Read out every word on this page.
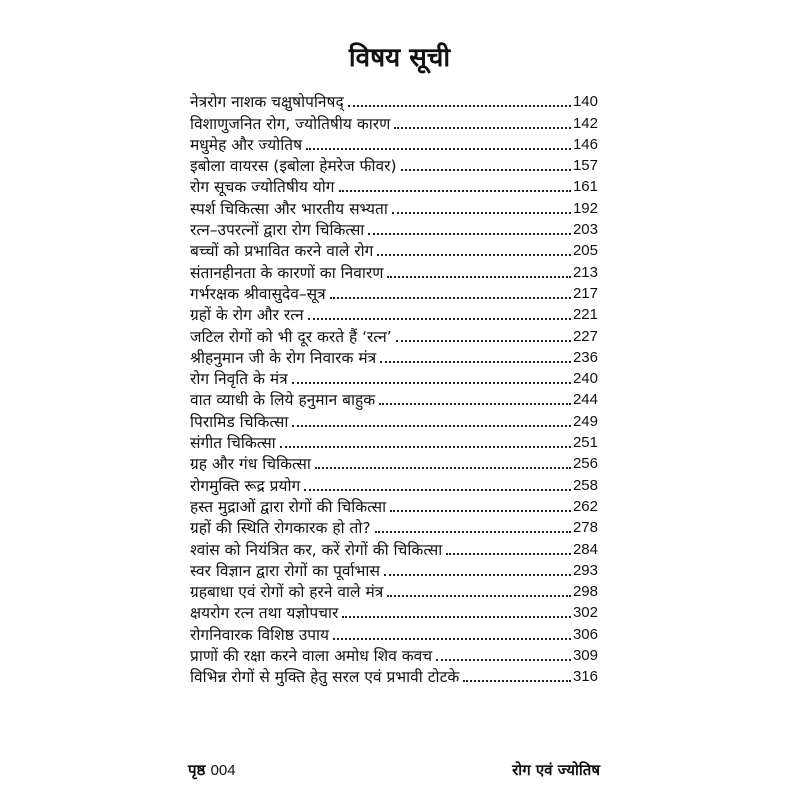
विषय सूची
नेत्ररोग नाशक चक्षुषोपनिषद्	140
विशाणुजनित रोग, ज्योतिषीय कारण	142
मधुमेह और ज्योतिष	146
इबोला वायरस (इबोला हेमरेज फीवर)	157
रोग सूचक ज्योतिषीय योग	161
स्पर्श चिकित्सा और भारतीय सभ्यता	192
रत्न–उपरत्नों द्वारा रोग चिकित्सा	203
बच्चों को प्रभावित करने वाले रोग	205
संतानहीनता के कारणों का निवारण	213
गर्भरक्षक श्रीवासुदेव–सूत्र	217
ग्रहों के रोग और रत्न	221
जटिल रोगों को भी दूर करते हैं ‘रत्न’	227
श्रीहनुमान जी के रोग निवारक मंत्र	236
रोग निवृति के मंत्र	240
वात व्याधी के लिये हनुमान बाहुक	244
पिरामिड चिकित्सा	249
संगीत चिकित्सा	251
ग्रह और गंध चिकित्सा	256
रोगमुक्ति रूद्र प्रयोग	258
हस्त मुद्राओं द्वारा रोगों की चिकित्सा	262
ग्रहों की स्थिति रोगकारक हो तो?	278
श्वांस को नियंत्रित कर, करें रोगों की चिकित्सा	284
स्वर विज्ञान द्वारा रोगों का पूर्वाभास	293
ग्रहबाधा एवं रोगों को हरने वाले मंत्र	298
क्षयरोग रत्न तथा यज्ञोपचार	302
रोगनिवारक विशिष्ठ उपाय	306
प्राणों की रक्षा करने वाला अमोध शिव कवच	309
विभिन्न रोगों से मुक्ति हेतु सरल एवं प्रभावी टोटके	316
पृष्ठ 004	रोग एवं ज्योतिष
